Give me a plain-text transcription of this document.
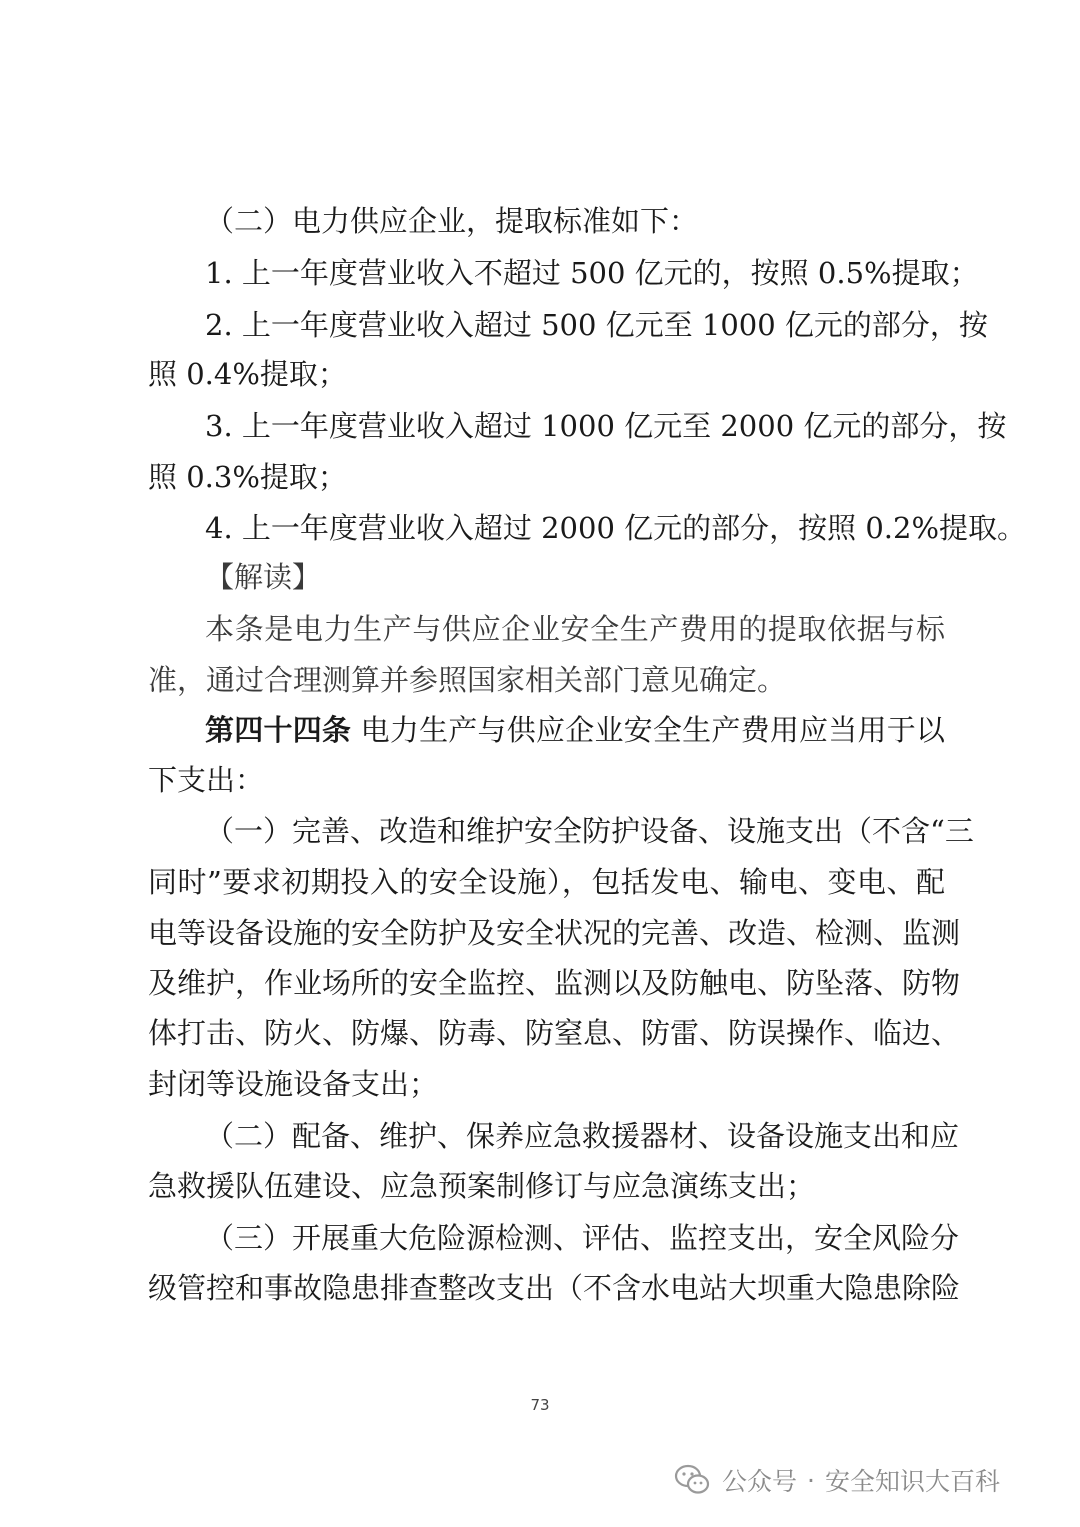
（二）电力供应企业，提取标准如下：
1. 上一年度营业收入不超过 500 亿元的，按照 0.5%提取；
2. 上一年度营业收入超过 500 亿元至 1000 亿元的部分，按
照 0.4%提取；
3. 上一年度营业收入超过 1000 亿元至 2000 亿元的部分，按
照 0.3%提取；
4. 上一年度营业收入超过 2000 亿元的部分，按照 0.2%提取。
【解读】
本条是电力生产与供应企业安全生产费用的提取依据与标
准，通过合理测算并参照国家相关部门意见确定。
第四十四条 电力生产与供应企业安全生产费用应当用于以
下支出：
（一）完善、改造和维护安全防护设备、设施支出（不含“三
同时”要求初期投入的安全设施），包括发电、输电、变电、配
电等设备设施的安全防护及安全状况的完善、改造、检测、监测
及维护，作业场所的安全监控、监测以及防触电、防坠落、防物
体打击、防火、防爆、防毒、防窒息、防雷、防误操作、临边、
封闭等设施设备支出；
（二）配备、维护、保养应急救援器材、设备设施支出和应
急救援队伍建设、应急预案制修订与应急演练支出；
（三）开展重大危险源检测、评估、监控支出，安全风险分
级管控和事故隐患排查整改支出（不含水电站大坝重大隐患除险
73
公众号 · 安全知识大百科
